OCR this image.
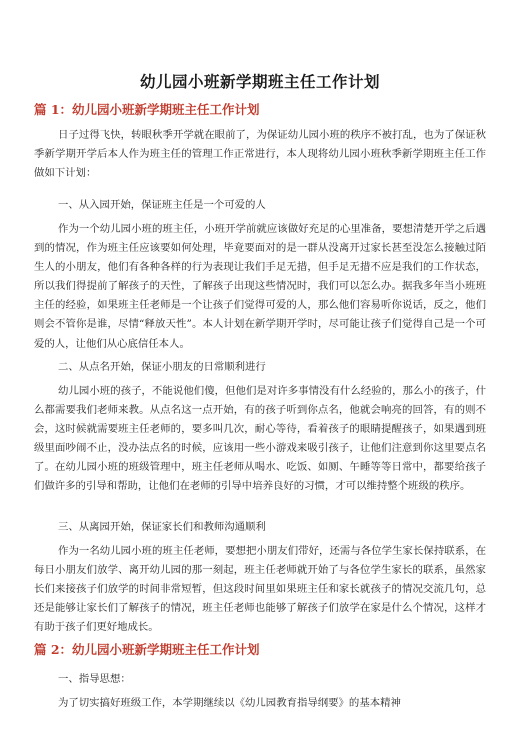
幼儿园小班新学期班主任工作计划
篇 1：幼儿园小班新学期班主任工作计划
日子过得飞快，转眼秋季开学就在眼前了，为保证幼儿园小班的秩序不被打乱，也为了保证秋季新学期开学后本人作为班主任的管理工作正常进行，本人现将幼儿园小班秋季新学期班主任工作做如下计划：
一、从入园开始，保证班主任是一个可爱的人
作为一个幼儿园小班的班主任，小班开学前就应该做好充足的心里准备，要想清楚开学之后遇到的情况，作为班主任应该要如何处理，毕竟要面对的是一群从没离开过家长甚至没怎么接触过陌生人的小朋友，他们有各种各样的行为表现让我们手足无措，但手足无措不应是我们的工作状态，所以我们得提前了解孩子的天性，了解孩子出现这些情况时，我们可以怎么办。据我多年当小班班主任的经验，如果班主任老师是一个让孩子们觉得可爱的人，那么他们容易听你说话，反之，他们则会不管你是谁，尽情“释放天性”。本人计划在新学期开学时，尽可能让孩子们觉得自己是一个可爱的人，让他们从心底信任本人。
二、从点名开始，保证小朋友的日常顺利进行
幼儿园小班的孩子，不能说他们傻，但他们是对许多事情没有什么经验的，那么小的孩子，什么都需要我们老师来教。从点名这一点开始，有的孩子听到你点名，他就会响亮的回答，有的则不会，这时候就需要班主任老师的，要多叫几次，耐心等待，看着孩子的眼睛提醒孩子，如果遇到班级里面吵闹不止，没办法点名的时候，应该用一些小游戏来吸引孩子，让他们注意到你这里要点名了。在幼儿园小班的班级管理中，班主任老师从喝水、吃饭、如厕、午睡等等日常中，都要给孩子们做许多的引导和帮助，让他们在老师的引导中培养良好的习惯，才可以维持整个班级的秩序。
三、从离园开始，保证家长们和教师沟通顺利
作为一名幼儿园小班的班主任老师，要想把小朋友们带好，还需与各位学生家长保持联系，在每日小朋友们放学、离开幼儿园的那一刻起，班主任老师就开始了与各位学生家长的联系，虽然家长们来接孩子们放学的时间非常短暂，但这段时间里如果班主任和家长就孩子的情况交流几句，总还是能够让家长们了解孩子的情况，班主任老师也能够了解孩子们放学在家是什么个情况，这样才有助于孩子们更好地成长。
篇 2：幼儿园小班新学期班主任工作计划
一、指导思想：
为了切实搞好班级工作，本学期继续以《幼儿园教育指导纲要》的基本精神
